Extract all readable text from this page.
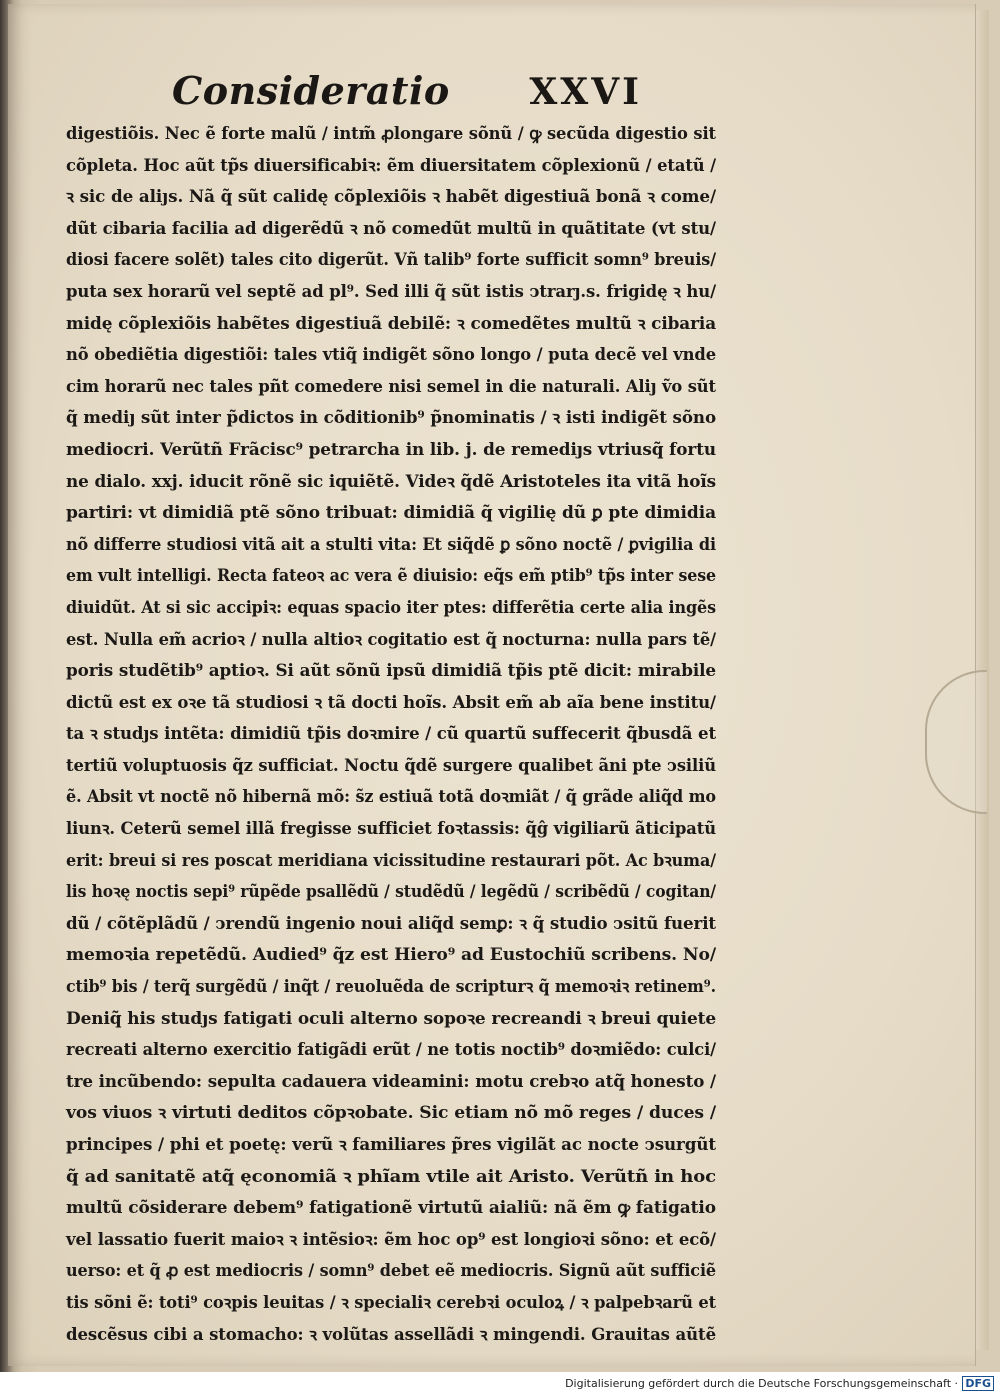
Consideratio XXVI
digestiõis. Nec ẽ forte malũ / intm̃ ꝓlongare sõnũ / ꝙ secũda digestio sit
cõpleta. Hoc aũt tp̃s diuersificabiꝛ: ẽm diuersitatem cõplexionũ / etatũ /
ꝛ sic de aliȷs. Nã q̃ sũt calidę cõplexiõis ꝛ habẽt digestiuã bonã ꝛ come/
dũt cibaria facilia ad digerẽdũ ꝛ nõ comedũt multũ in quãtitate (vt stu/
diosi facere solẽt) tales cito digerũt. Vñ talib⁹ forte sufficit somn⁹ breuis/
puta sex horarũ vel septẽ ad pl⁹. Sed illi q̃ sũt istis ↄtrarȷ.s. frigidę ꝛ hu/
midę cõplexiõis habẽtes digestiuã debilẽ: ꝛ comedẽtes multũ ꝛ cibaria
nõ obediẽtia digestiõi: tales vtiq̃ indigẽt sõno longo / puta decẽ vel vnde
cim horarũ nec tales pñt comedere nisi semel in die naturali. Aliȷ ṽo sũt
q̃ mediȷ sũt inter p̃dictos in cõditionib⁹ p̃nominatis / ꝛ isti indigẽt sõno
mediocri. Verũtñ Frãcisc⁹ petrarcha in lib. j. de remediȷs vtriusq̃ fortu
ne dialo. xxj. iducit rõnẽ sic iquiẽtẽ. Videꝛ q̃dẽ Aristoteles ita vitã hoĩs
partiri: vt dimidiã ptẽ sõno tribuat: dimidiã q̃ vigilię dũ ꝑ pte dimidia
nõ differre studiosi vitã ait a stulti vita: Et siq̃dẽ ꝑ sõno noctẽ / ꝑvigilia di
em vult intelligi. Recta fateoꝛ ac vera ẽ diuisio: eq̃s em̃ ptib⁹ tp̃s inter sese
diuidũt. At si sic accipiꝛ: equas spacio iter ptes: differẽtia certe alia ingẽs
est. Nulla em̃ acrioꝛ / nulla altioꝛ cogitatio est q̃ nocturna: nulla pars tẽ/
poris studẽtib⁹ aptioꝛ. Si aũt sõnũ ipsũ dimidiã tp̃is ptẽ dicit: mirabile
dictũ est ex oꝛe tã studiosi ꝛ tã docti hoĩs. Absit em̃ ab aĩa bene institu/
ta ꝛ studȷs intẽta: dimidiũ tp̃is doꝛmire / cũ quartũ suffecerit q̃busdã et
tertiũ voluptuosis q̃z sufficiat. Noctu q̃dẽ surgere qualibet ãni pte ↄsiliũ
ẽ. Absit vt noctẽ nõ hibernã mõ: s̃z estiuã totã doꝛmiãt / q̃ grãde aliq̃d mo
liunꝛ. Ceterũ semel illã fregisse sufficiet foꝛtassis: q̃ĝ vigiliarũ ãticipatũ
erit: breui si res poscat meridiana vicissitudine restaurari põt. Ac bꝛuma/
lis hoꝛę noctis sepi⁹ rũpẽde psallẽdũ / studẽdũ / legẽdũ / scribẽdũ / cogitan/
dũ / cõtẽplãdũ / ↄrendũ ingenio noui aliq̃d semꝑ: ꝛ q̃ studio ↄsitũ fuerit
memoꝛia repetẽdũ. Audied⁹ q̃z est Hiero⁹ ad Eustochiũ scribens. No/
ctib⁹ bis / terq̃ surgẽdũ / inq̃t / reuoluẽda de scripturꝛ q̃ memoꝛiꝛ retinem⁹.
Deniq̃ his studȷs fatigati oculi alterno sopoꝛe recreandi ꝛ breui quiete
recreati alterno exercitio fatigãdi erũt / ne totis noctib⁹ doꝛmiẽdo: culci/
tre incũbendo: sepulta cadauera videamini: motu crebꝛo atq̃ honesto /
vos viuos ꝛ virtuti deditos cõpꝛobate. Sic etiam nõ mõ reges / duces /
principes / phi et poetę: verũ ꝛ familiares p̃res vigilãt ac nocte ↄsurgũt
q̃ ad sanitatẽ atq̃ ęconomiã ꝛ phĩam vtile ait Aristo. Verũtñ in hoc
multũ cõsiderare debem⁹ fatigationẽ virtutũ aialiũ: nã ẽm ꝙ fatigatio
vel lassatio fuerit maioꝛ ꝛ intẽsioꝛ: ẽm hoc op⁹ est longioꝛi sõno: et ecõ/
uerso: et q̃ ꝓ est mediocris / somn⁹ debet eẽ mediocris. Signũ aũt sufficiẽ
tis sõni ẽ: toti⁹ coꝛpis leuitas / ꝛ specialiꝛ cerebꝛi oculoꝝ / ꝛ palpebꝛarũ et
descẽsus cibi a stomacho: ꝛ volũtas assellãdi ꝛ mingendi. Grauitas aũtẽ
Digitalisierung gefördert durch die Deutsche Forschungsgemeinschaft · DFG
